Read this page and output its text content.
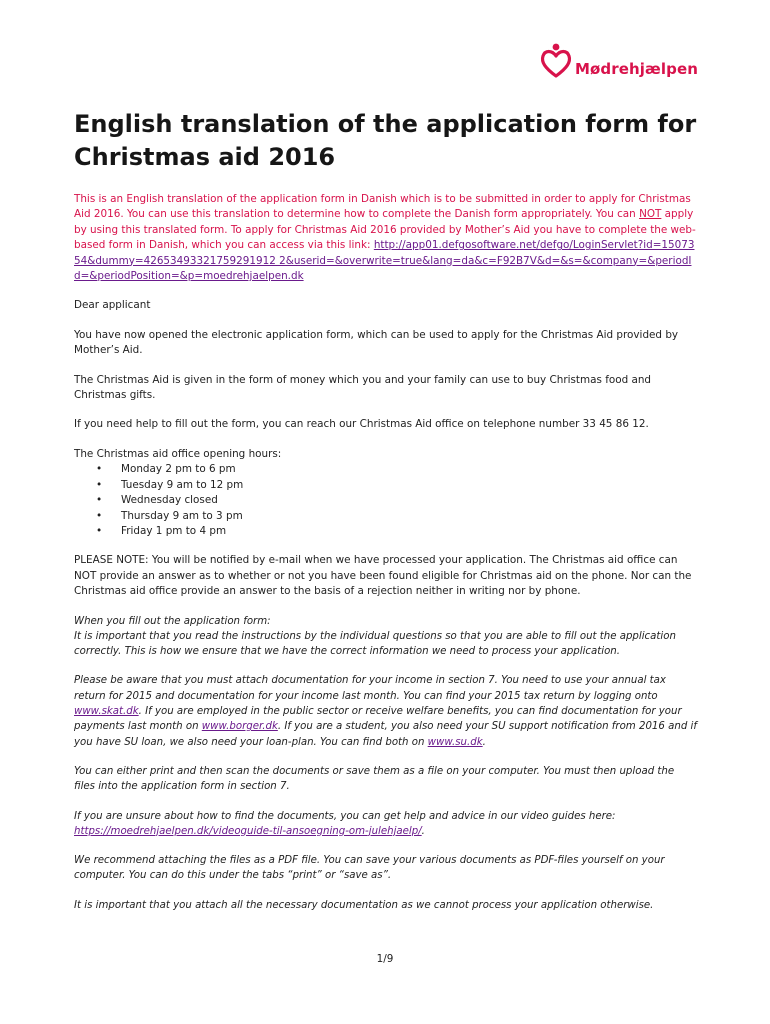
Mødrehjælpen
English translation of the application form for Christmas aid 2016

This is an English translation of the application form in Danish which is to be submitted in order to apply for Christmas Aid 2016. You can use this translation to determine how to complete the Danish form appropriately. You can NOT apply by using this translated form. To apply for Christmas Aid 2016 provided by Mother’s Aid you have to complete the web-based form in Danish, which you can access via this link: http://app01.defgosoftware.net/defgo/LoginServlet?id=1507354&dummy=42653493321759291912 2&userid=&overwrite=true&lang=da&c=F92B7V&d=&s=&company=&periodId=&periodPosition=&p=moedrehjaelpen.dk

Dear applicant

You have now opened the electronic application form, which can be used to apply for the Christmas Aid provided by Mother’s Aid.

The Christmas Aid is given in the form of money which you and your family can use to buy Christmas food and Christmas gifts.

If you need help to fill out the form, you can reach our Christmas Aid office on telephone number 33 45 86 12.

The Christmas aid office opening hours:

• Monday 2 pm to 6 pm
• Tuesday 9 am to 12 pm
• Wednesday closed
• Thursday 9 am to 3 pm
• Friday 1 pm to 4 pm

PLEASE NOTE: You will be notified by e-mail when we have processed your application. The Christmas aid office can NOT provide an answer as to whether or not you have been found eligible for Christmas aid on the phone. Nor can the Christmas aid office provide an answer to the basis of a rejection neither in writing nor by phone.

When you fill out the application form:
It is important that you read the instructions by the individual questions so that you are able to fill out the application correctly. This is how we ensure that we have the correct information we need to process your application.

Please be aware that you must attach documentation for your income in section 7. You need to use your annual tax return for 2015 and documentation for your income last month. You can find your 2015 tax return by logging onto www.skat.dk. If you are employed in the public sector or receive welfare benefits, you can find documentation for your payments last month on www.borger.dk. If you are a student, you also need your SU support notification from 2016 and if you have SU loan, we also need your loan-plan. You can find both on www.su.dk.

You can either print and then scan the documents or save them as a file on your computer. You must then upload the files into the application form in section 7.

If you are unsure about how to find the documents, you can get help and advice in our video guides here: https://moedrehjaelpen.dk/videoguide-til-ansoegning-om-julehjaelp/.

We recommend attaching the files as a PDF file. You can save your various documents as PDF-files yourself on your computer. You can do this under the tabs “print” or “save as”.

It is important that you attach all the necessary documentation as we cannot process your application otherwise.

1/9
